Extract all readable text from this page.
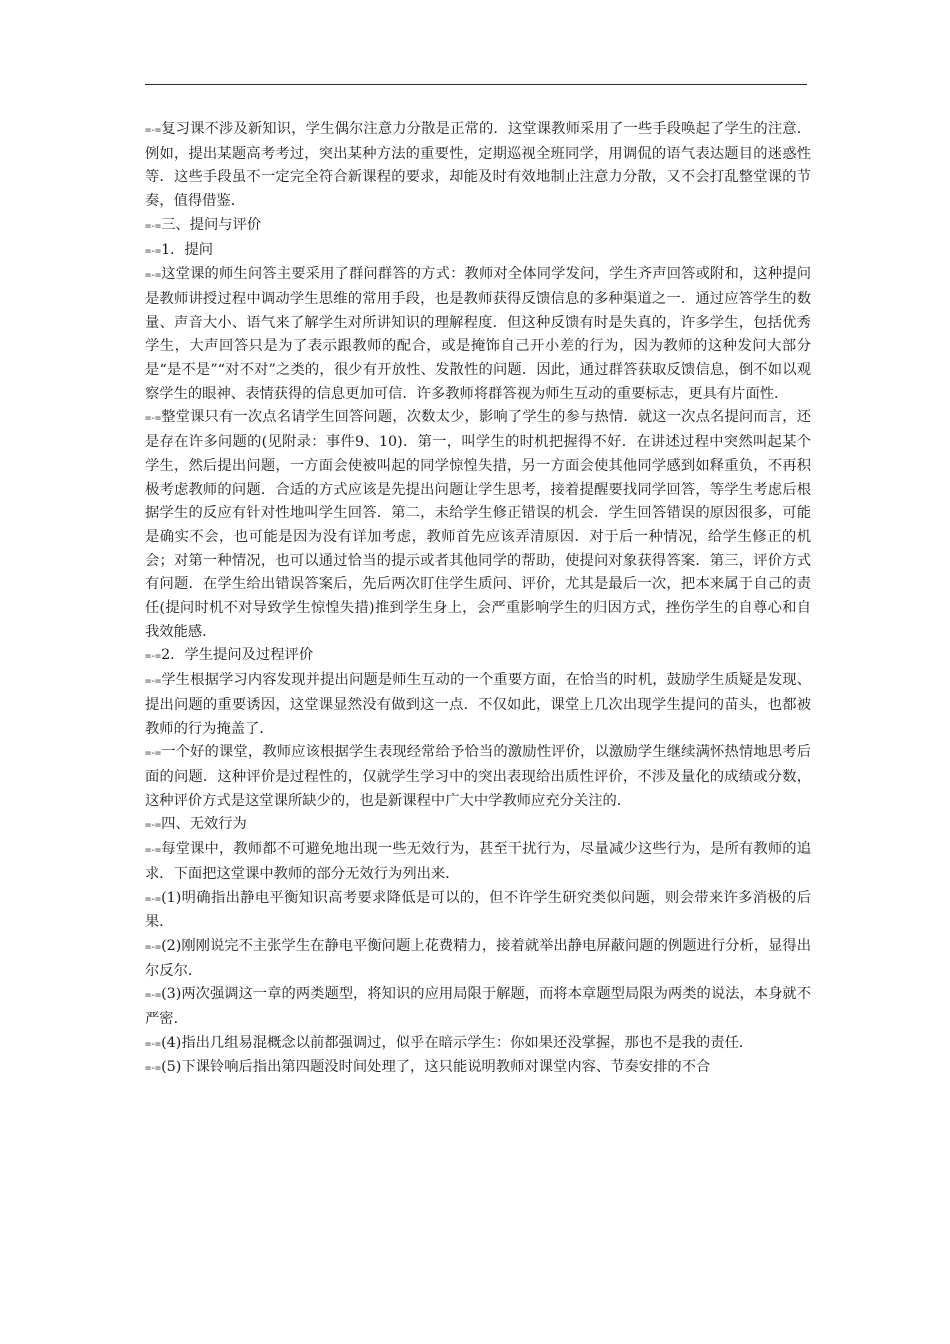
=-=复习课不涉及新知识，学生偶尔注意力分散是正常的．这堂课教师采用了一些手段唤起了学生的注意．例如，提出某题高考考过，突出某种方法的重要性，定期巡视全班同学，用调侃的语气表达题目的迷惑性等．这些手段虽不一定完全符合新课程的要求，却能及时有效地制止注意力分散，又不会打乱整堂课的节奏，值得借鉴．

=-=三、提问与评价

=-=1．提问

=-=这堂课的师生问答主要采用了群问群答的方式：教师对全体同学发问，学生齐声回答或附和，这种提问是教师讲授过程中调动学生思维的常用手段，也是教师获得反馈信息的多种渠道之一．通过应答学生的数量、声音大小、语气来了解学生对所讲知识的理解程度．但这种反馈有时是失真的，许多学生，包括优秀学生，大声回答只是为了表示跟教师的配合，或是掩饰自己开小差的行为，因为教师的这种发问大部分是“是不是”“对不对”之类的，很少有开放性、发散性的问题．因此，通过群答获取反馈信息，倒不如以观察学生的眼神、表情获得的信息更加可信．许多教师将群答视为师生互动的重要标志，更具有片面性．

=-=整堂课只有一次点名请学生回答问题，次数太少，影响了学生的参与热情．就这一次点名提问而言，还是存在许多问题的(见附录：事件9、10)．第一，叫学生的时机把握得不好．在讲述过程中突然叫起某个学生，然后提出问题，一方面会使被叫起的同学惊惶失措，另一方面会使其他同学感到如释重负，不再积极考虑教师的问题．合适的方式应该是先提出问题让学生思考，接着提醒要找同学回答，等学生考虑后根据学生的反应有针对性地叫学生回答．第二，未给学生修正错误的机会．学生回答错误的原因很多，可能是确实不会，也可能是因为没有详加考虑，教师首先应该弄清原因．对于后一种情况，给学生修正的机会；对第一种情况，也可以通过恰当的提示或者其他同学的帮助，使提问对象获得答案．第三，评价方式有问题．在学生给出错误答案后，先后两次盯住学生质问、评价，尤其是最后一次，把本来属于自己的责任(提问时机不对导致学生惊惶失措)推到学生身上，会严重影响学生的归因方式，挫伤学生的自尊心和自我效能感．

=-=2．学生提问及过程评价

=-=学生根据学习内容发现并提出问题是师生互动的一个重要方面，在恰当的时机，鼓励学生质疑是发现、提出问题的重要诱因，这堂课显然没有做到这一点．不仅如此，课堂上几次出现学生提问的苗头，也都被教师的行为掩盖了．

=-=一个好的课堂，教师应该根据学生表现经常给予恰当的激励性评价，以激励学生继续满怀热情地思考后面的问题．这种评价是过程性的，仅就学生学习中的突出表现给出质性评价，不涉及量化的成绩或分数，这种评价方式是这堂课所缺少的，也是新课程中广大中学教师应充分关注的．

=-=四、无效行为

=-=每堂课中，教师都不可避免地出现一些无效行为，甚至干扰行为，尽量减少这些行为，是所有教师的追求．下面把这堂课中教师的部分无效行为列出来．

=-=(1)明确指出静电平衡知识高考要求降低是可以的，但不许学生研究类似问题，则会带来许多消极的后果．

=-=(2)刚刚说完不主张学生在静电平衡问题上花费精力，接着就举出静电屏蔽问题的例题进行分析，显得出尔反尔．

=-=(3)两次强调这一章的两类题型，将知识的应用局限于解题，而将本章题型局限为两类的说法，本身就不严密．

=-=(4)指出几组易混概念以前都强调过，似乎在暗示学生：你如果还没掌握，那也不是我的责任．

=-=(5)下课铃响后指出第四题没时间处理了，这只能说明教师对课堂内容、节奏安排的不合
